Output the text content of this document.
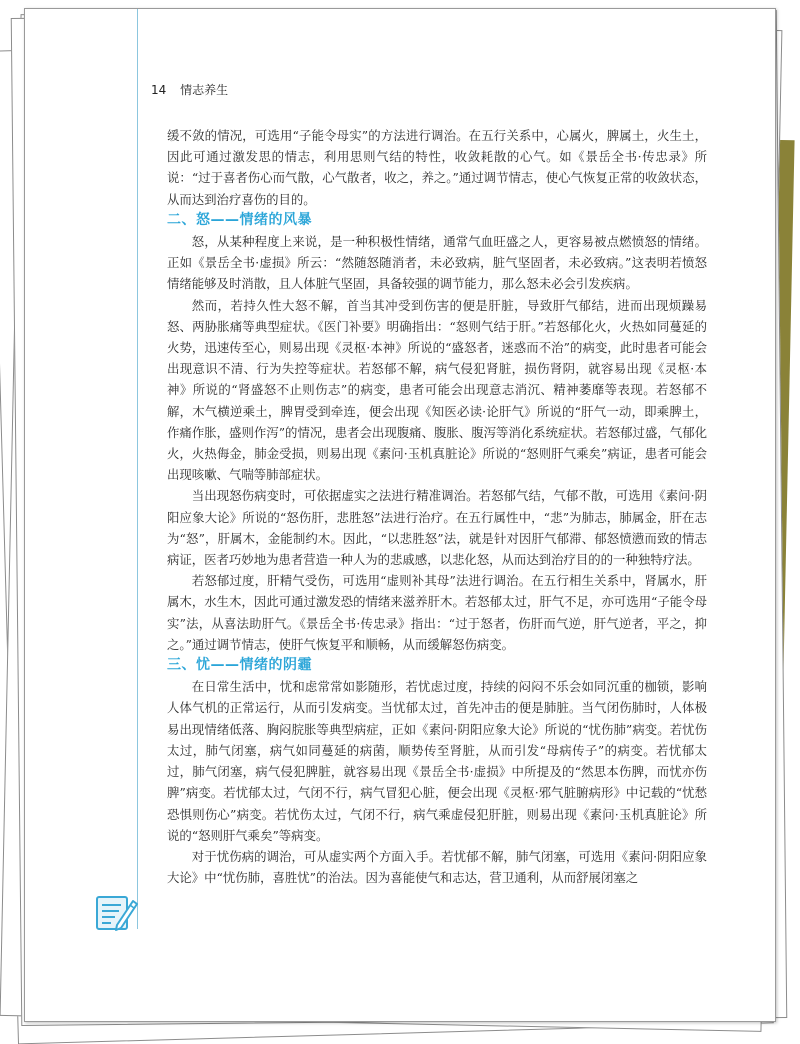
14 情志养生

缓不敛的情况，可选用“子能令母实”的方法进行调治。在五行关系中，心属火，脾属土，火生土，因此可通过激发思的情志，利用思则气结的特性，收敛耗散的心气。如《景岳全书·传忠录》所说：“过于喜者伤心而气散，心气散者，收之，养之。”通过调节情志，使心气恢复正常的收敛状态，从而达到治疗喜伤的目的。

二、怒——情绪的风暴

怒，从某种程度上来说，是一种积极性情绪，通常气血旺盛之人，更容易被点燃愤怒的情绪。正如《景岳全书·虚损》所云：“然随怒随消者，未必致病，脏气坚固者，未必致病。”这表明若愤怒情绪能够及时消散，且人体脏气坚固，具备较强的调节能力，那么怒未必会引发疾病。

然而，若持久性大怒不解，首当其冲受到伤害的便是肝脏，导致肝气郁结，进而出现烦躁易怒、两胁胀痛等典型症状。《医门补要》明确指出：“怒则气结于肝。”若怒郁化火，火热如同蔓延的火势，迅速传至心，则易出现《灵枢·本神》所说的“盛怒者，迷惑而不治”的病变，此时患者可能会出现意识不清、行为失控等症状。若怒郁不解，病气侵犯肾脏，损伤肾阴，就容易出现《灵枢·本神》所说的“肾盛怒不止则伤志”的病变，患者可能会出现意志消沉、精神萎靡等表现。若怒郁不解，木气横逆乘土，脾胃受到牵连，便会出现《知医必读·论肝气》所说的“肝气一动，即乘脾土，作痛作胀，盛则作泻”的情况，患者会出现腹痛、腹胀、腹泻等消化系统症状。若怒郁过盛，气郁化火，火热侮金，肺金受损，则易出现《素问·玉机真脏论》所说的“怒则肝气乘矣”病证，患者可能会出现咳嗽、气喘等肺部症状。

当出现怒伤病变时，可依据虚实之法进行精准调治。若怒郁气结，气郁不散，可选用《素问·阴阳应象大论》所说的“怒伤肝，悲胜怒”法进行治疗。在五行属性中，“悲”为肺志，肺属金，肝在志为“怒”，肝属木，金能制约木。因此，“以悲胜怒”法，就是针对因肝气郁滞、郁怒愤懑而致的情志病证，医者巧妙地为患者营造一种人为的悲戚感，以悲化怒，从而达到治疗目的的一种独特疗法。

若怒郁过度，肝精气受伤，可选用“虚则补其母”法进行调治。在五行相生关系中，肾属水，肝属木，水生木，因此可通过激发恐的情绪来滋养肝木。若怒郁太过，肝气不足，亦可选用“子能令母实”法，从喜法助肝气。《景岳全书·传忠录》指出：“过于怒者，伤肝而气逆，肝气逆者，平之，抑之。”通过调节情志，使肝气恢复平和顺畅，从而缓解怒伤病变。

三、忧——情绪的阴霾

在日常生活中，忧和虑常常如影随形，若忧虑过度，持续的闷闷不乐会如同沉重的枷锁，影响人体气机的正常运行，从而引发病变。当忧郁太过，首先冲击的便是肺脏。当气闭伤肺时，人体极易出现情绪低落、胸闷脘胀等典型病症，正如《素问·阴阳应象大论》所说的“忧伤肺”病变。若忧伤太过，肺气闭塞，病气如同蔓延的病菌，顺势传至肾脏，从而引发“母病传子”的病变。若忧郁太过，肺气闭塞，病气侵犯脾脏，就容易出现《景岳全书·虚损》中所提及的“然思本伤脾，而忧亦伤脾”病变。若忧郁太过，气闭不行，病气冒犯心脏，便会出现《灵枢·邪气脏腑病形》中记载的“忧愁恐惧则伤心”病变。若忧伤太过，气闭不行，病气乘虚侵犯肝脏，则易出现《素问·玉机真脏论》所说的“怒则肝气乘矣”等病变。

对于忧伤病的调治，可从虚实两个方面入手。若忧郁不解，肺气闭塞，可选用《素问·阴阳应象大论》中“忧伤肺，喜胜忧”的治法。因为喜能使气和志达，营卫通利，从而舒展闭塞之
